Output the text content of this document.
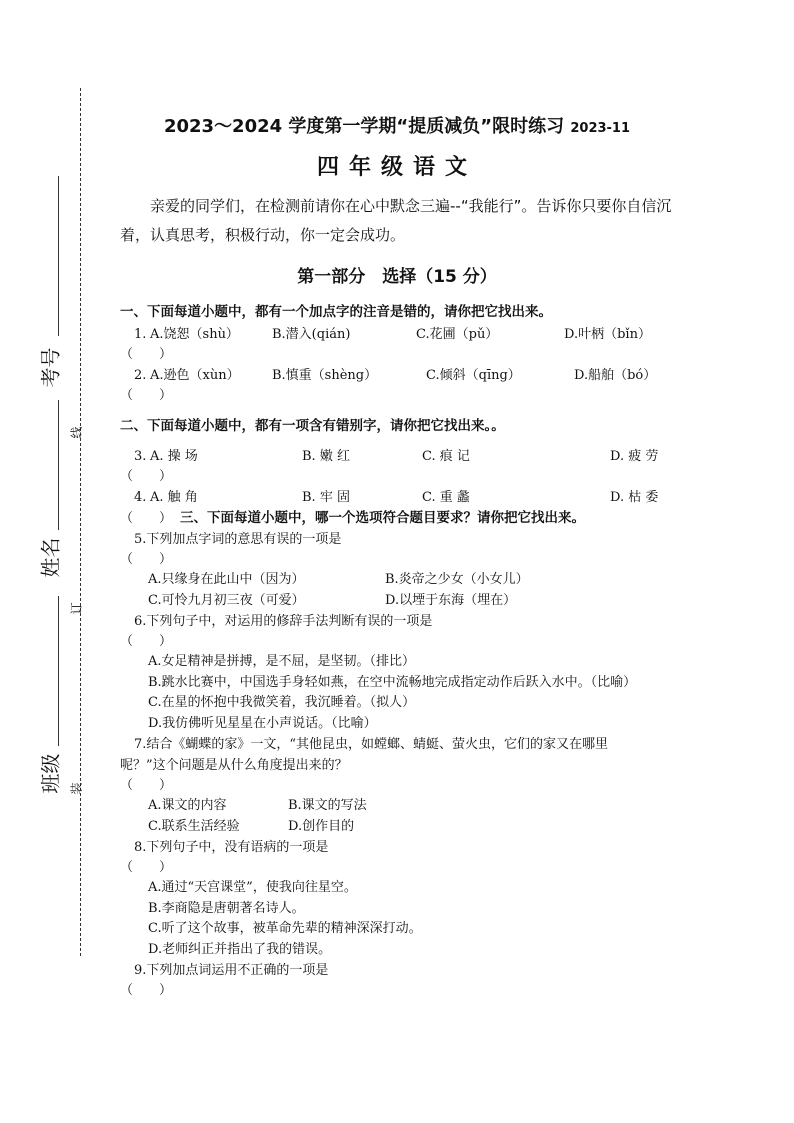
考号
姓名
班级
线
订
装
2023～2024 学度第一学期“提质减负”限时练习 2023-11
四年级语文
亲爱的同学们，在检测前请你在心中默念三遍--“我能行”。告诉你只要你自信沉着，认真思考，积极行动，你一定会成功。
第一部分　选择（15 分）
一、下面每道小题中，都有一个加点字的注音是错的，请你把它找出来。
1. A.饶恕（shù）	B.潜入(qián)	C.花圃（pǔ）	D.叶柄（bǐn）
（　　）
2. A.逊色（xùn） B.慎重（shèng）	C.倾斜（qīng）	D.船舶（bó）
（　　）
二、下面每道小题中，都有一项含有错别字，请你把它找出来。。
3. A. 操 场	B. 嫩 红	C. 痕 记	D. 疲 劳
（　　）
4. A. 触 角	B. 牢 固	C. 重 蠡	D. 枯 委
（　　） 三、下面每道小题中，哪一个选项符合题目要求？请你把它找出来。
5.下列加点字词的意思有误的一项是
（　　）
A.只缘身在此山中（因为）	B.炎帝之少女（小女儿）
C.可怜九月初三夜（可爱）	D.以堙于东海（埋在）
6.下列句子中，对运用的修辞手法判断有误的一项是
（　　）
A.女足精神是拼搏，是不屈，是坚韧。（排比）
B.跳水比赛中，中国选手身轻如燕，在空中流畅地完成指定动作后跃入水中。（比喻）
C.在星的怀抱中我微笑着，我沉睡着。（拟人）
D.我仿佛听见星星在小声说话。（比喻）
7.结合《蝴蝶的家》一文，“其他昆虫，如螳螂、蜻蜓、萤火虫，它们的家又在哪里
呢？”这个问题是从什么角度提出来的？
（　　）
A.课文的内容	B.课文的写法
C.联系生活经验	D.创作目的
8.下列句子中，没有语病的一项是
（　　）
A.通过“天宫课堂”，使我向往星空。
B.李商隐是唐朝著名诗人。
C.听了这个故事，被革命先辈的精神深深打动。
D.老师纠正并指出了我的错误。
9.下列加点词运用不正确的一项是
（　　）
